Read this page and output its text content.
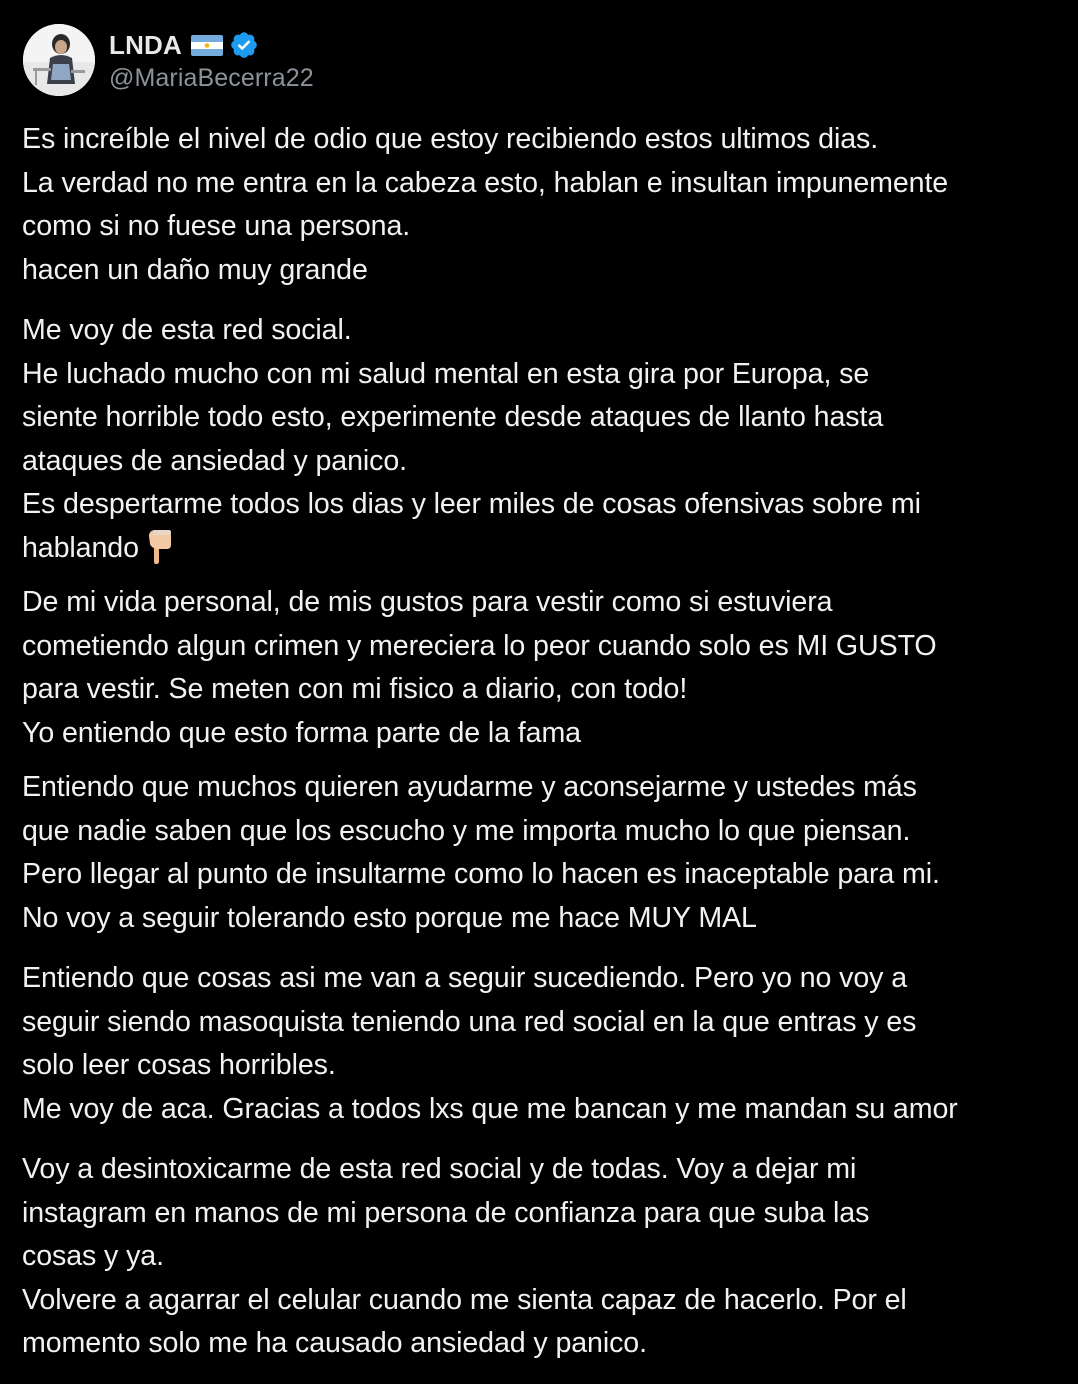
LNDA
@MariaBecerra22
Es increíble el nivel de odio que estoy recibiendo estos ultimos dias.
La verdad no me entra en la cabeza esto, hablan e insultan impunemente
como si no fuese una persona.
hacen un daño muy grande
Me voy de esta red social.
He luchado mucho con mi salud mental en esta gira por Europa, se
siente horrible todo esto, experimente desde ataques de llanto hasta
ataques de ansiedad y panico.
Es despertarme todos los dias y leer miles de cosas ofensivas sobre mi
hablando
De mi vida personal, de mis gustos para vestir como si estuviera
cometiendo algun crimen y mereciera lo peor cuando solo es MI GUSTO
para vestir. Se meten con mi fisico a diario, con todo!
Yo entiendo que esto forma parte de la fama
Entiendo que muchos quieren ayudarme y aconsejarme y ustedes más
que nadie saben que los escucho y me importa mucho lo que piensan.
Pero llegar al punto de insultarme como lo hacen es inaceptable para mi.
No voy a seguir tolerando esto porque me hace MUY MAL
Entiendo que cosas asi me van a seguir sucediendo. Pero yo no voy a
seguir siendo masoquista teniendo una red social en la que entras y es
solo leer cosas horribles.
Me voy de aca. Gracias a todos lxs que me bancan y me mandan su amor
Voy a desintoxicarme de esta red social y de todas. Voy a dejar mi
instagram en manos de mi persona de confianza para que suba las
cosas y ya.
Volvere a agarrar el celular cuando me sienta capaz de hacerlo. Por el
momento solo me ha causado ansiedad y panico.
